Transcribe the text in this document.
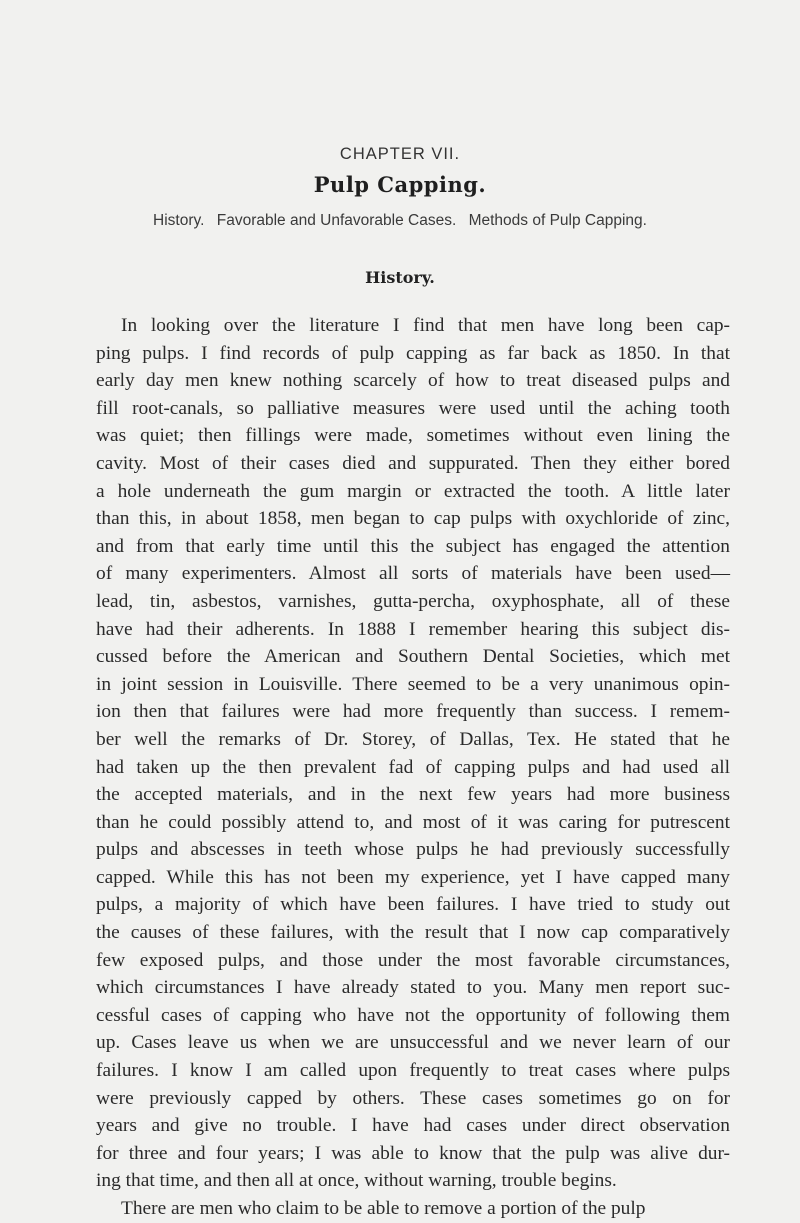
CHAPTER VII.
Pulp Capping.
History. Favorable and Unfavorable Cases. Methods of Pulp Capping.
History.
In looking over the literature I find that men have long been cap-
ping pulps. I find records of pulp capping as far back as 1850. In that
early day men knew nothing scarcely of how to treat diseased pulps and
fill root-canals, so palliative measures were used until the aching tooth
was quiet; then fillings were made, sometimes without even lining the
cavity. Most of their cases died and suppurated. Then they either bored
a hole underneath the gum margin or extracted the tooth. A little later
than this, in about 1858, men began to cap pulps with oxychloride of zinc,
and from that early time until this the subject has engaged the attention
of many experimenters. Almost all sorts of materials have been used—
lead, tin, asbestos, varnishes, gutta-percha, oxyphosphate, all of these
have had their adherents. In 1888 I remember hearing this subject dis-
cussed before the American and Southern Dental Societies, which met
in joint session in Louisville. There seemed to be a very unanimous opin-
ion then that failures were had more frequently than success. I remem-
ber well the remarks of Dr. Storey, of Dallas, Tex. He stated that he
had taken up the then prevalent fad of capping pulps and had used all
the accepted materials, and in the next few years had more business
than he could possibly attend to, and most of it was caring for putrescent
pulps and abscesses in teeth whose pulps he had previously successfully
capped. While this has not been my experience, yet I have capped many
pulps, a majority of which have been failures. I have tried to study out
the causes of these failures, with the result that I now cap comparatively
few exposed pulps, and those under the most favorable circumstances,
which circumstances I have already stated to you. Many men report suc-
cessful cases of capping who have not the opportunity of following them
up. Cases leave us when we are unsuccessful and we never learn of our
failures. I know I am called upon frequently to treat cases where pulps
were previously capped by others. These cases sometimes go on for
years and give no trouble. I have had cases under direct observation
for three and four years; I was able to know that the pulp was alive dur-
ing that time, and then all at once, without warning, trouble begins.
There are men who claim to be able to remove a portion of the pulp
